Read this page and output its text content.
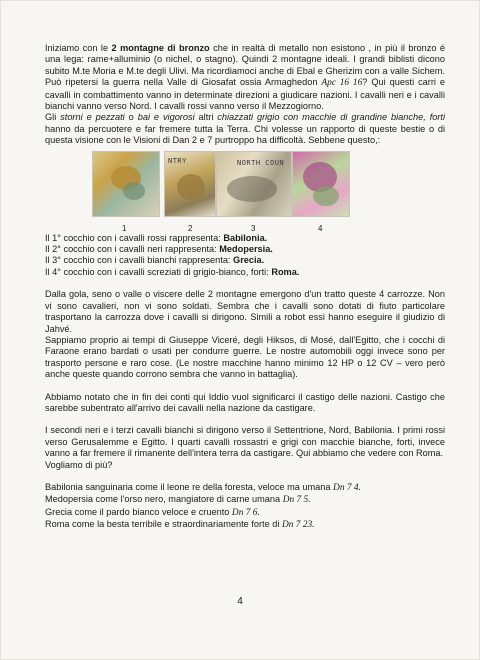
Iniziamo con le 2 montagne di bronzo che in realtà di metallo non esistono , in più il bronzo é una lega: rame+alluminio (o nichel, o stagno). Quindi 2 montagne ideali. I grandi biblisti dicono subito M.te Moria e M.te degli Ulivi. Ma ricordiamoci anche di Ebal e Gherizim con a valle Sichem. Può ripetersi la guerra nella Valle di Giosafat ossia Armaghedon Apc 16 16? Qui questi carri e cavalli in combattimento vanno in determinate direzioni a giudicare nazioni. I cavalli neri e i cavalli bianchi vanno verso Nord. I cavalli rossi vanno verso il Mezzogiorno.

Gli storni e pezzati o bai e vigorosi altri chiazzati grigio con macchie di grandine bianche, forti hanno da percuotere e far fremere tutta la Terra. Chi volesse un rapporto di queste bestie o di questa visione con le Visioni di Dan 2 e 7 purtroppo ha difficoltà. Sebbene questo,:

NTRY	NORTH COUN
1	2	3	4

Il 1° cocchio con i cavalli rossi rappresenta: Babilonia.

Il 2° cocchio con i cavalli neri rappresenta: Medopersia.

Il 3° cocchio con i cavalli bianchi rappresenta: Grecia.

Il 4° cocchio con i cavalli screziati di grigio-bianco, forti: Roma.

Dalla gola, seno o valle o viscere delle 2 montagne emergono d'un tratto queste 4 carrozze. Non vi sono cavalieri, non vi sono soldati. Sembra che i cavalli sono dotati di fiuto particolare trasportano la carrozza dove i cavalli si dirigono. Simili a robot essi hanno eseguire il giudizio di Jahvé.

Sappiamo proprio ai tempi di Giuseppe Viceré, degli Hiksos, di Mosé, dall'Egitto, che i cocchi di Faraone erano bardati o usati per condurre guerre. Le nostre automobili oggi invece sono per trasporto persone e raro cose. (Le nostre macchine hanno minimo 12 HP o 12 CV – vero però anche queste quando corrono sembra che vanno in battaglia).

Abbiamo notato che in fin dei conti qui Iddio vuol significarci il castigo delle nazioni. Castigo che sarebbe subentrato all'arrivo dei cavalli nella nazione da castigare.

I secondi neri e i terzi cavalli bianchi si dirigono verso il Settentrione, Nord, Babilonia. I primi rossi verso Gerusalemme e Egitto. I quarti cavalli rossastri e grigi con macchie bianche, forti, invece vanno a far fremere il rimanente dell'intera terra da castigare. Qui abbiamo che vedere con Roma.

Vogliamo di più?

Babilonia sanguinaria come il leone re della foresta, veloce ma umana Dn 7 4.

Medopersia come l'orso nero, mangiatore di carne umana Dn 7 5.

Grecia come il pardo bianco veloce e cruento Dn 7 6.

Roma come la besta terribile e straordinariamente forte di Dn 7 23.

4
